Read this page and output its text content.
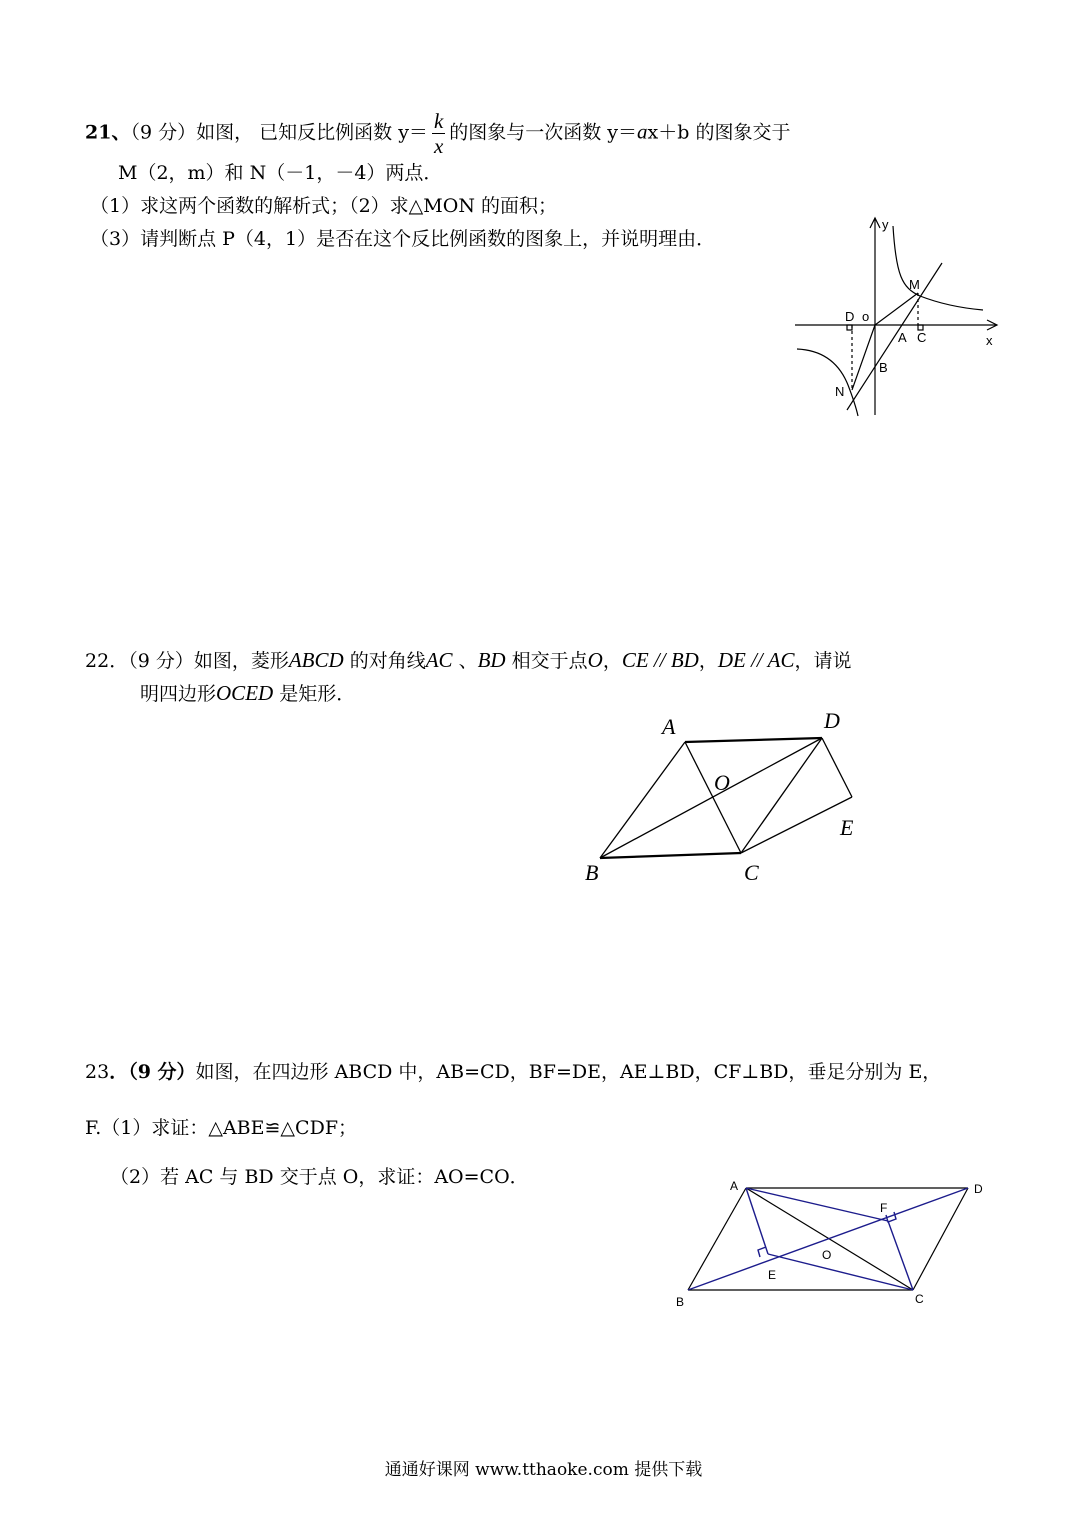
21、（9 分）如图， 已知反比例函数 $y= \frac{k}{x}$ 的图象与一次函数 y＝ax＋b 的图象交于
M（2，m）和 N（－1，－4）两点．
（1）求这两个函数的解析式；（2）求△MON 的面积；
（3）请判断点 P（4，1）是否在这个反比例函数的图象上，并说明理由．
y
x
M
N
D o
A C
B
22．（9 分）如图，菱形ABCD 的对角线AC 、BD 相交于点O，CE // BD，DE // AC，请说
明四边形OCED 是矩形．
A	D
O
E
B	C
23．（9 分）如图，在四边形 ABCD 中，AB=CD，BF=DE，AE⊥BD，CF⊥BD，垂足分别为 E，
F.（1）求证：△ABE≌△CDF；
（2）若 AC 与 BD 交于点 O，求证：AO=CO．	A	D
B	C
E
F
O
通通好课网 www.tthaoke.com 提供下载
